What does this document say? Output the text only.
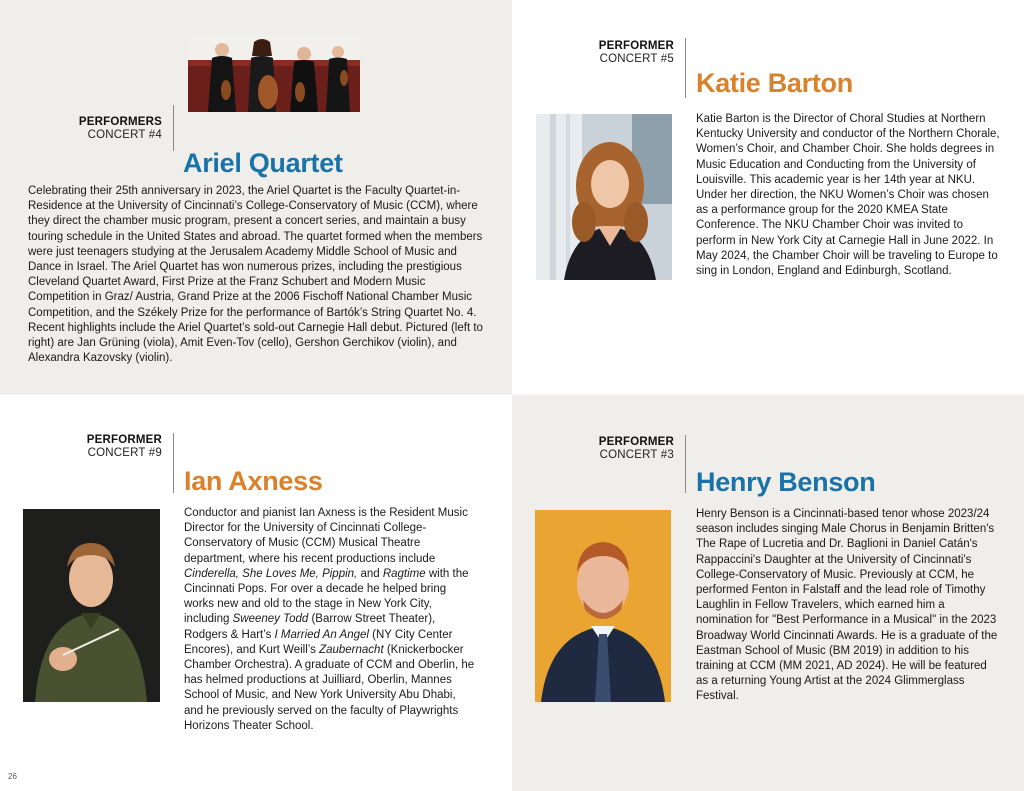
PERFORMERS
CONCERT #4
Ariel Quartet

Celebrating their 25th anniversary in 2023, the Ariel Quartet is the Faculty Quartet-in-Residence at the University of Cincinnati’s College-Conservatory of Music (CCM), where they direct the chamber music program, present a concert series, and maintain a busy touring schedule in the United States and abroad. The quartet formed when the members were just teenagers studying at the Jerusalem Academy Middle School of Music and Dance in Israel. The Ariel Quartet has won numerous prizes, including the prestigious Cleveland Quartet Award, First Prize at the Franz Schubert and Modern Music Competition in Graz/ Austria, Grand Prize at the 2006 Fischoff National Chamber Music Competition, and the Székely Prize for the performance of Bartók’s String Quartet No. 4. Recent highlights include the Ariel Quartet’s sold-out Carnegie Hall debut. Pictured (left to right) are Jan Grüning (viola), Amit Even-Tov (cello), Gershon Gerchikov (violin), and Alexandra Kazovsky (violin).

PERFORMER
CONCERT #5
Katie Barton

Katie Barton is the Director of Choral Studies at Northern Kentucky University and conductor of the Northern Chorale, Women’s Choir, and Chamber Choir. She holds degrees in Music Education and Conducting from the University of Louisville. This academic year is her 14th year at NKU. Under her direction, the NKU Women’s Choir was chosen as a performance group for the 2020 KMEA State Conference. The NKU Chamber Choir was invited to perform in New York City at Carnegie Hall in June 2022. In May 2024, the Chamber Choir will be traveling to Europe to sing in London, England and Edinburgh, Scotland.

PERFORMER
CONCERT #9
Ian Axness

Conductor and pianist Ian Axness is the Resident Music Director for the University of Cincinnati College-Conservatory of Music (CCM) Musical Theatre department, where his recent productions include Cinderella, She Loves Me, Pippin, and Ragtime with the Cincinnati Pops. For over a decade he helped bring works new and old to the stage in New York City, including Sweeney Todd (Barrow Street Theater), Rodgers & Hart’s I Married An Angel (NY City Center Encores), and Kurt Weill’s Zaubernacht (Knickerbocker Chamber Orchestra). A graduate of CCM and Oberlin, he has helmed productions at Juilliard, Oberlin, Mannes School of Music, and New York University Abu Dhabi, and he previously served on the faculty of Playwrights Horizons Theater School.

26
PERFORMER
CONCERT #3
Henry Benson

Henry Benson is a Cincinnati-based tenor whose 2023/24 season includes singing Male Chorus in Benjamin Britten's The Rape of Lucretia and Dr. Baglioni in Daniel Catán's Rappaccini's Daughter at the University of Cincinnati's College-Conservatory of Music. Previously at CCM, he performed Fenton in Falstaff and the lead role of Timothy Laughlin in Fellow Travelers, which earned him a nomination for "Best Performance in a Musical" in the 2023 Broadway World Cincinnati Awards. He is a graduate of the Eastman School of Music (BM 2019) in addition to his training at CCM (MM 2021, AD 2024). He will be featured as a returning Young Artist at the 2024 Glimmerglass Festival.
